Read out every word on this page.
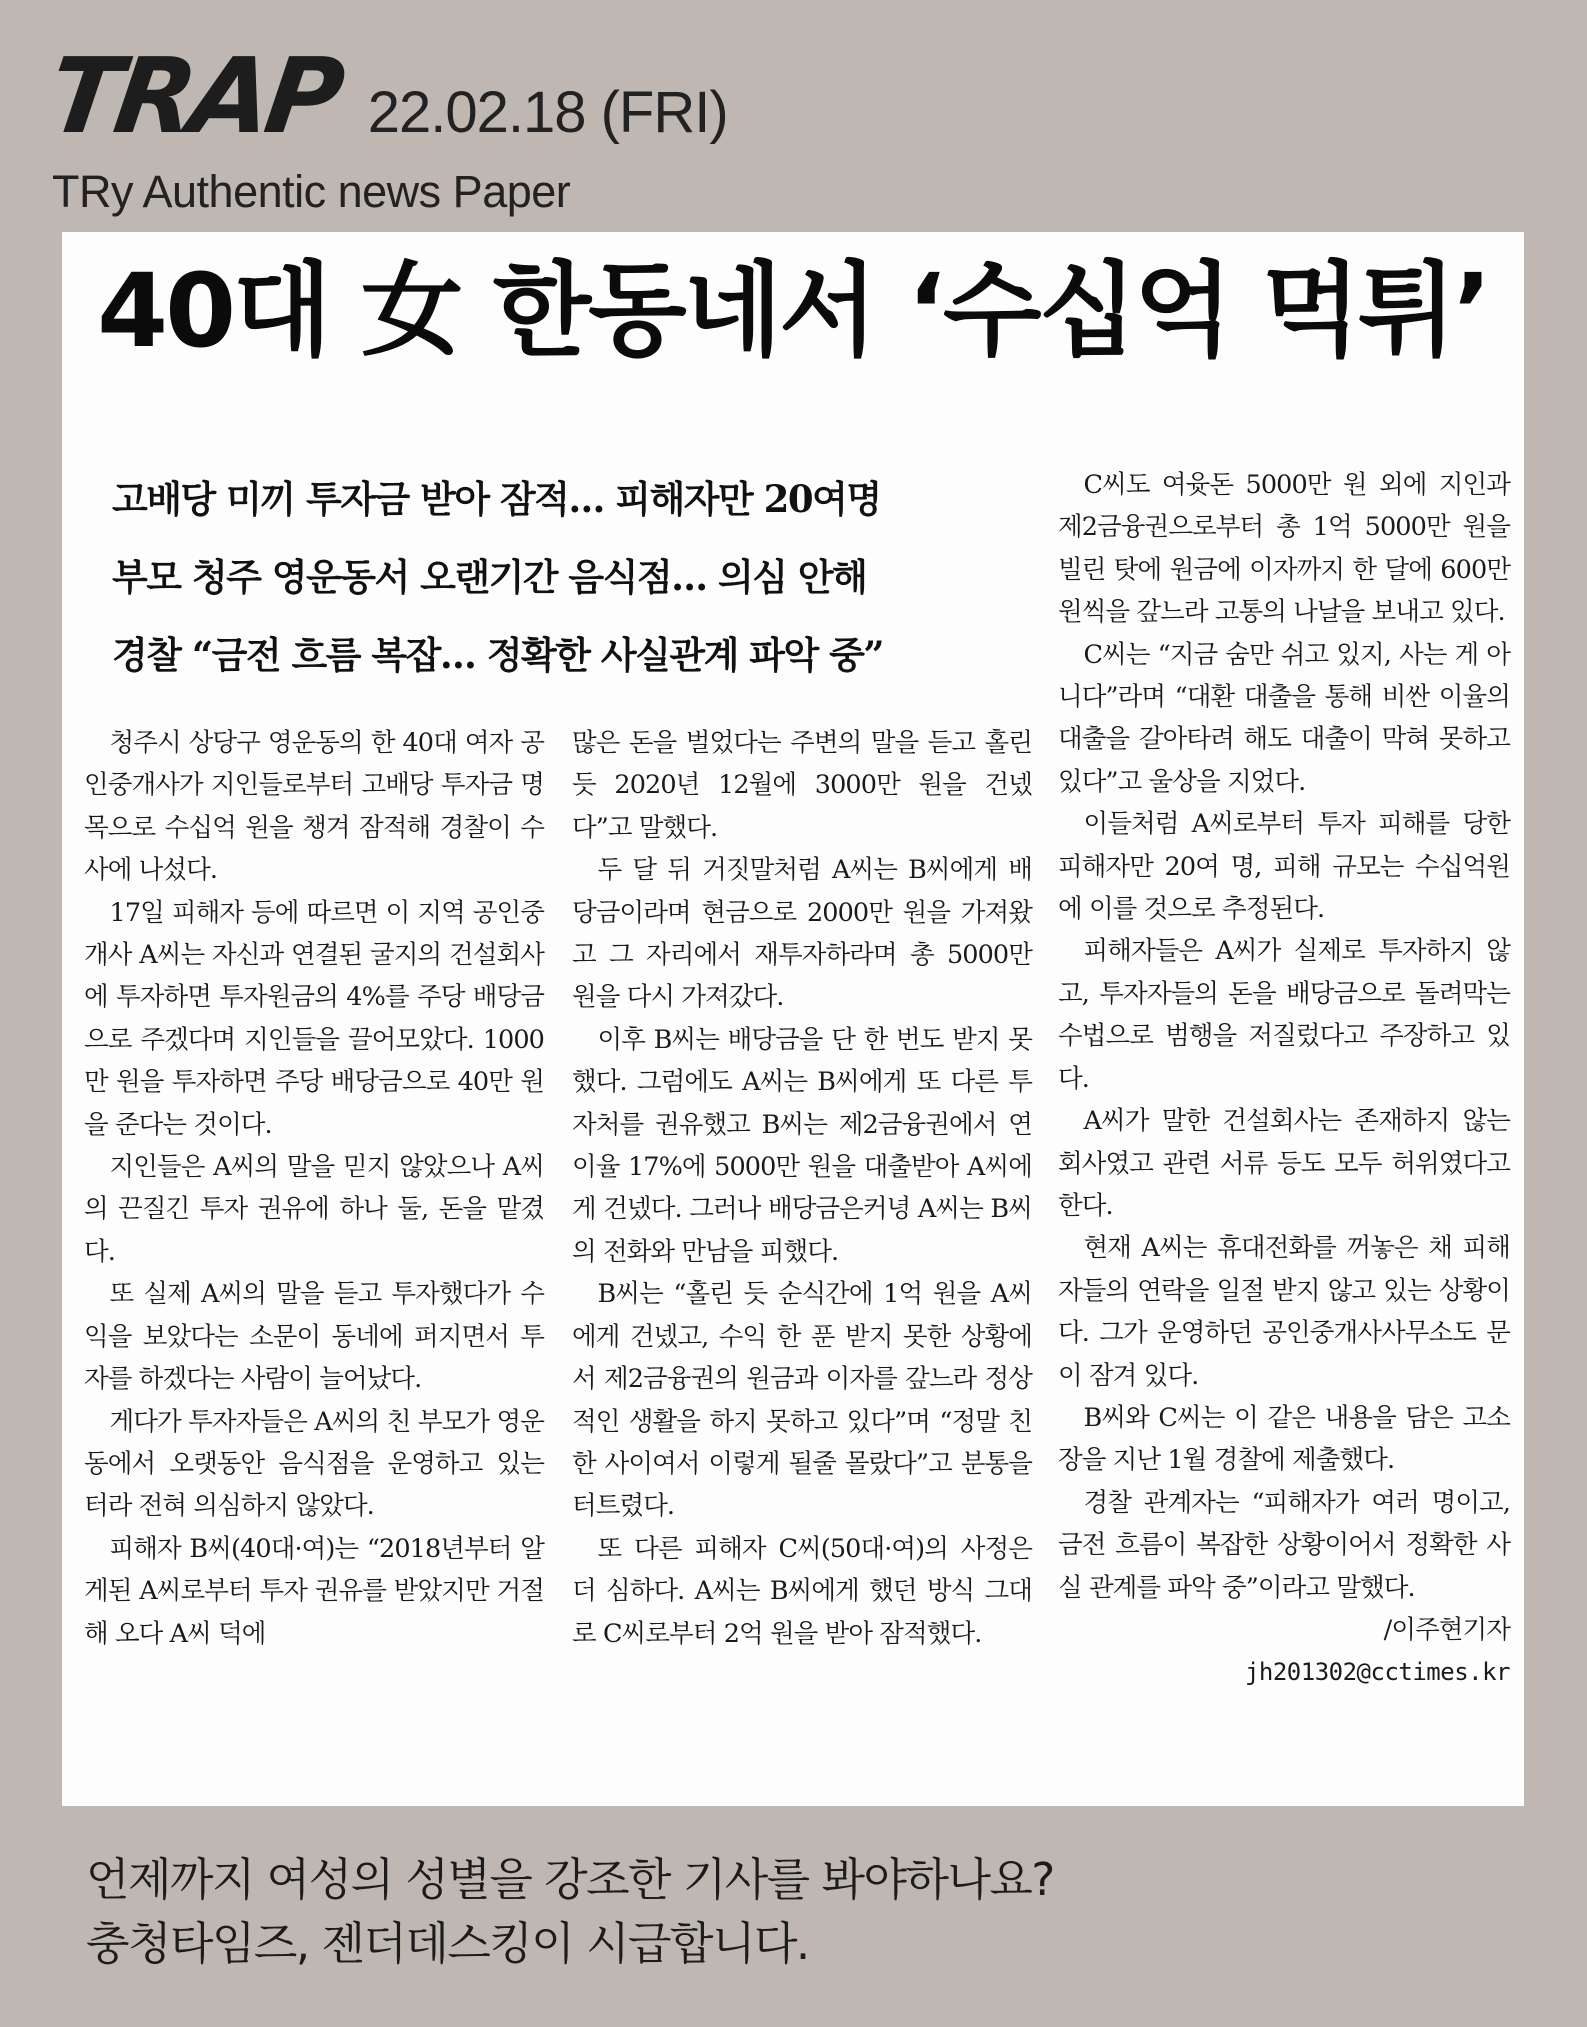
TRAP 22.02.18 (FRI)
TRy Authentic news Paper
40대 女 한동네서 ‘수십억 먹튀’
고배당 미끼 투자금 받아 잠적… 피해자만 20여명
부모 청주 영운동서 오랜기간 음식점… 의심 안해
경찰 “금전 흐름 복잡… 정확한 사실관계 파악 중”

청주시 상당구 영운동의 한 40대 여자 공인중개사가 지인들로부터 고배당 투자금 명목으로 수십억 원을 챙겨 잠적해 경찰이 수사에 나섰다.

17일 피해자 등에 따르면 이 지역 공인중개사 A씨는 자신과 연결된 굴지의 건설회사에 투자하면 투자원금의 4%를 주당 배당금으로 주겠다며 지인들을 끌어모았다. 1000만 원을 투자하면 주당 배당금으로 40만 원을 준다는 것이다.

지인들은 A씨의 말을 믿지 않았으나 A씨의 끈질긴 투자 권유에 하나 둘, 돈을 맡겼다.

또 실제 A씨의 말을 듣고 투자했다가 수익을 보았다는 소문이 동네에 퍼지면서 투자를 하겠다는 사람이 늘어났다.

게다가 투자자들은 A씨의 친 부모가 영운동에서 오랫동안 음식점을 운영하고 있는 터라 전혀 의심하지 않았다.

피해자 B씨(40대·여)는 “2018년부터 알게된 A씨로부터 투자 권유를 받았지만 거절해 오다 A씨 덕에

많은 돈을 벌었다는 주변의 말을 듣고 홀린 듯 2020년 12월에 3000만 원을 건넸다”고 말했다.

두 달 뒤 거짓말처럼 A씨는 B씨에게 배당금이라며 현금으로 2000만 원을 가져왔고 그 자리에서 재투자하라며 총 5000만 원을 다시 가져갔다.

이후 B씨는 배당금을 단 한 번도 받지 못했다. 그럼에도 A씨는 B씨에게 또 다른 투자처를 권유했고 B씨는 제2금융권에서 연이율 17%에 5000만 원을 대출받아 A씨에게 건넸다. 그러나 배당금은커녕 A씨는 B씨의 전화와 만남을 피했다.

B씨는 “홀린 듯 순식간에 1억 원을 A씨에게 건넸고, 수익 한 푼 받지 못한 상황에서 제2금융권의 원금과 이자를 갚느라 정상적인 생활을 하지 못하고 있다”며 “정말 친한 사이여서 이렇게 될줄 몰랐다”고 분통을 터트렸다.

또 다른 피해자 C씨(50대·여)의 사정은 더 심하다. A씨는 B씨에게 했던 방식 그대로 C씨로부터 2억 원을 받아 잠적했다.

C씨도 여윳돈 5000만 원 외에 지인과 제2금융권으로부터 총 1억 5000만 원을 빌린 탓에 원금에 이자까지 한 달에 600만 원씩을 갚느라 고통의 나날을 보내고 있다.

C씨는 “지금 숨만 쉬고 있지, 사는 게 아니다”라며 “대환 대출을 통해 비싼 이율의 대출을 갈아타려 해도 대출이 막혀 못하고 있다”고 울상을 지었다.

이들처럼 A씨로부터 투자 피해를 당한 피해자만 20여 명, 피해 규모는 수십억원에 이를 것으로 추정된다.

피해자들은 A씨가 실제로 투자하지 않고, 투자자들의 돈을 배당금으로 돌려막는 수법으로 범행을 저질렀다고 주장하고 있다.

A씨가 말한 건설회사는 존재하지 않는 회사였고 관련 서류 등도 모두 허위였다고 한다.

현재 A씨는 휴대전화를 꺼놓은 채 피해자들의 연락을 일절 받지 않고 있는 상황이다. 그가 운영하던 공인중개사사무소도 문이 잠겨 있다.

B씨와 C씨는 이 같은 내용을 담은 고소장을 지난 1월 경찰에 제출했다.

경찰 관계자는 “피해자가 여러 명이고, 금전 흐름이 복잡한 상황이어서 정확한 사실 관계를 파악 중”이라고 말했다.

/이주현기자
jh201302@cctimes.kr
언제까지 여성의 성별을 강조한 기사를 봐야하나요?
충청타임즈, 젠더데스킹이 시급합니다.
